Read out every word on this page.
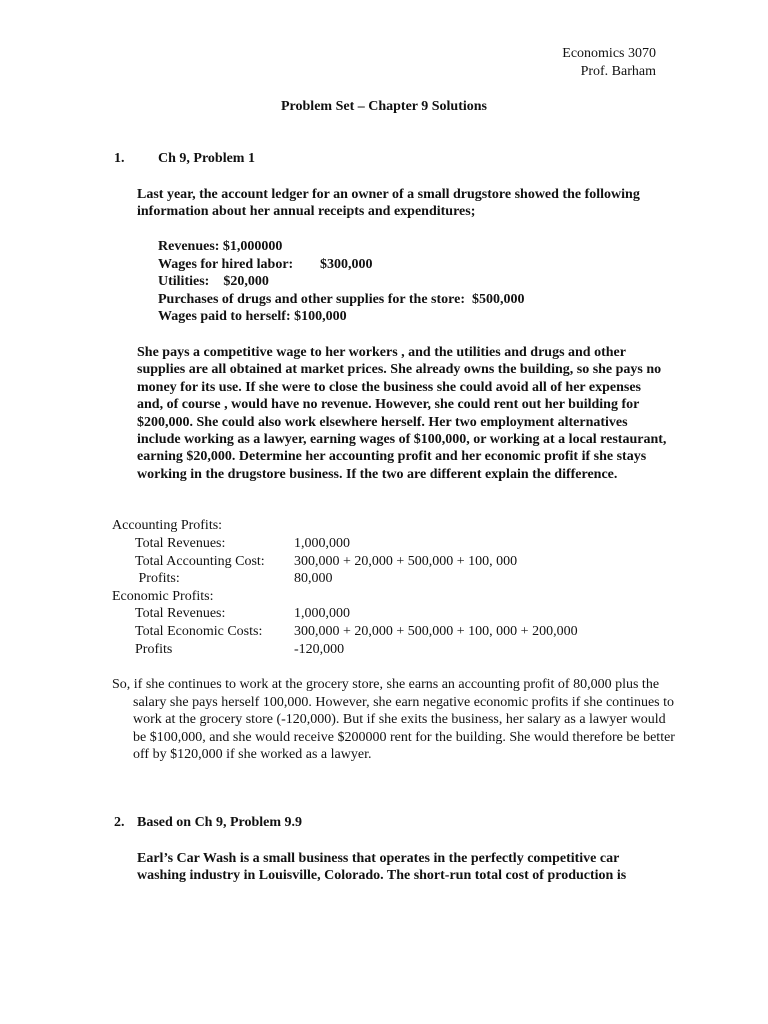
Economics 3070
Prof. Barham
Problem Set – Chapter 9 Solutions
1. Ch 9, Problem 1

Last year, the account ledger for an owner of a small drugstore showed the following information about her annual receipts and expenditures;

Revenues: $1,000000
Wages for hired labor: $300,000
Utilities:    $20,000
Purchases of drugs and other supplies for the store:  $500,000
Wages paid to herself: $100,000

She pays a competitive wage to her workers , and the utilities and drugs and other supplies are all obtained at market prices. She already owns the building, so she pays no money for its use. If she were to close the business she could avoid all of her expenses and, of course , would have no revenue. However, she could rent out her building for $200,000. She could also work elsewhere herself. Her two employment alternatives include working as a lawyer, earning wages of $100,000, or working at a local restaurant, earning $20,000. Determine her accounting profit and her economic profit if she stays working in the drugstore business. If the two are different explain the difference.

Accounting Profits:
Total Revenues:	1,000,000
Total Accounting Cost: 300,000 + 20,000 + 500,000 + 100, 000
Profits:	80,000
Economic Profits:
Total Revenues:	1,000,000
Total Economic Costs: 300,000 + 20,000 + 500,000 + 100, 000 + 200,000
Profits	-120,000

So, if she continues to work at the grocery store, she earns an accounting profit of 80,000 plus the salary she pays herself 100,000. However, she earn negative economic profits if she continues to work at the grocery store (-120,000). But if she exits the business, her salary as a lawyer would be $100,000, and she would receive $200000 rent for the building. She would therefore be better off by $120,000 if she worked as a lawyer.

2. Based on Ch 9, Problem 9.9

Earl’s Car Wash is a small business that operates in the perfectly competitive car washing industry in Louisville, Colorado. The short-run total cost of production is
